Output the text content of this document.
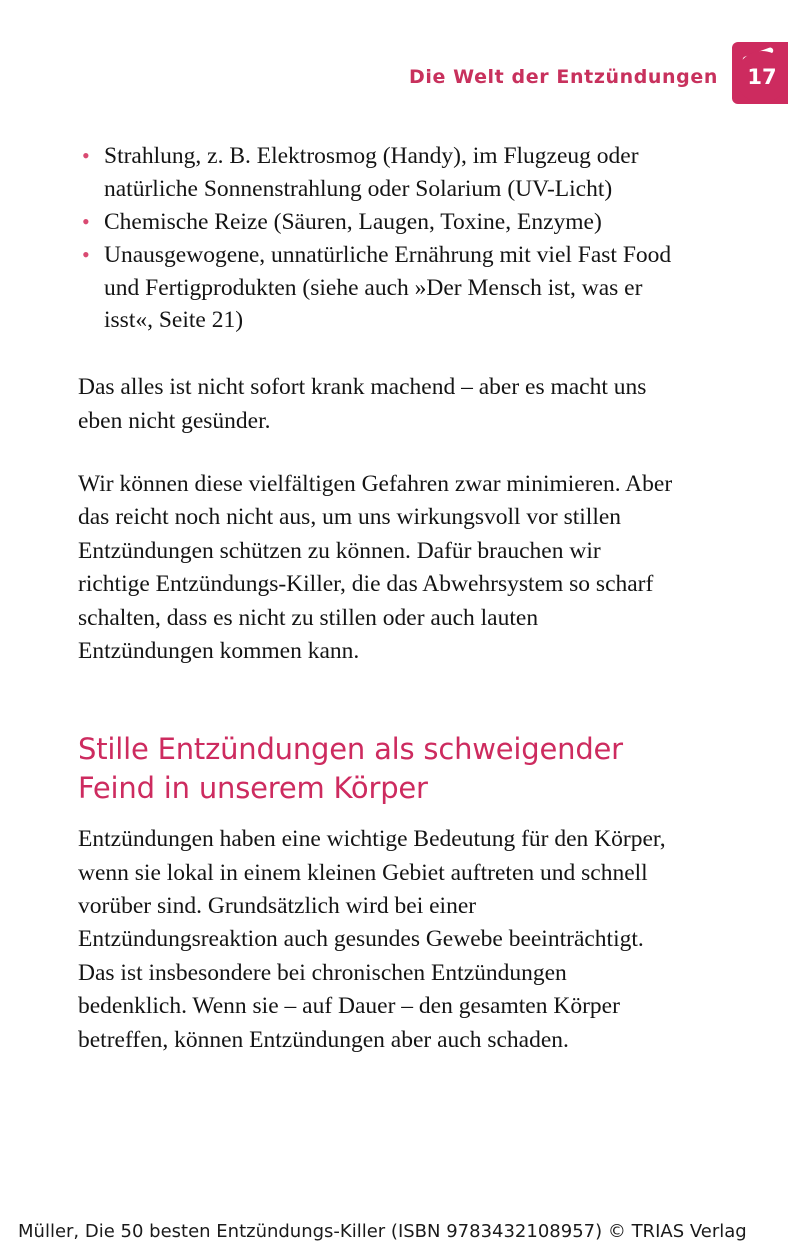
Die Welt der Entzündungen	17
• Strahlung, z. B. Elektrosmog (Handy), im Flugzeug oder natürliche Sonnenstrahlung oder Solarium (UV-Licht)
• Chemische Reize (Säuren, Laugen, Toxine, Enzyme)
• Unausgewogene, unnatürliche Ernährung mit viel Fast Food und Fertigprodukten (siehe auch »Der Mensch ist, was er isst«, Seite 21)

Das alles ist nicht sofort krank machend – aber es macht uns eben nicht gesünder.

Wir können diese vielfältigen Gefahren zwar minimieren. Aber das reicht noch nicht aus, um uns wirkungsvoll vor stillen Entzündungen schützen zu können. Dafür brauchen wir richtige Entzündungs-Killer, die das Abwehrsystem so scharf schalten, dass es nicht zu stillen oder auch lauten Entzündungen kommen kann.

Stille Entzündungen als schweigender Feind in unserem Körper

Entzündungen haben eine wichtige Bedeutung für den Körper, wenn sie lokal in einem kleinen Gebiet auftreten und schnell vorüber sind. Grundsätzlich wird bei einer Entzündungsreaktion auch gesundes Gewebe beeinträchtigt. Das ist insbesondere bei chronischen Entzündungen bedenklich. Wenn sie – auf Dauer – den gesamten Körper betreffen, können Entzündungen aber auch schaden.

Müller, Die 50 besten Entzündungs-Killer (ISBN 9783432108957) © TRIAS Verlag
